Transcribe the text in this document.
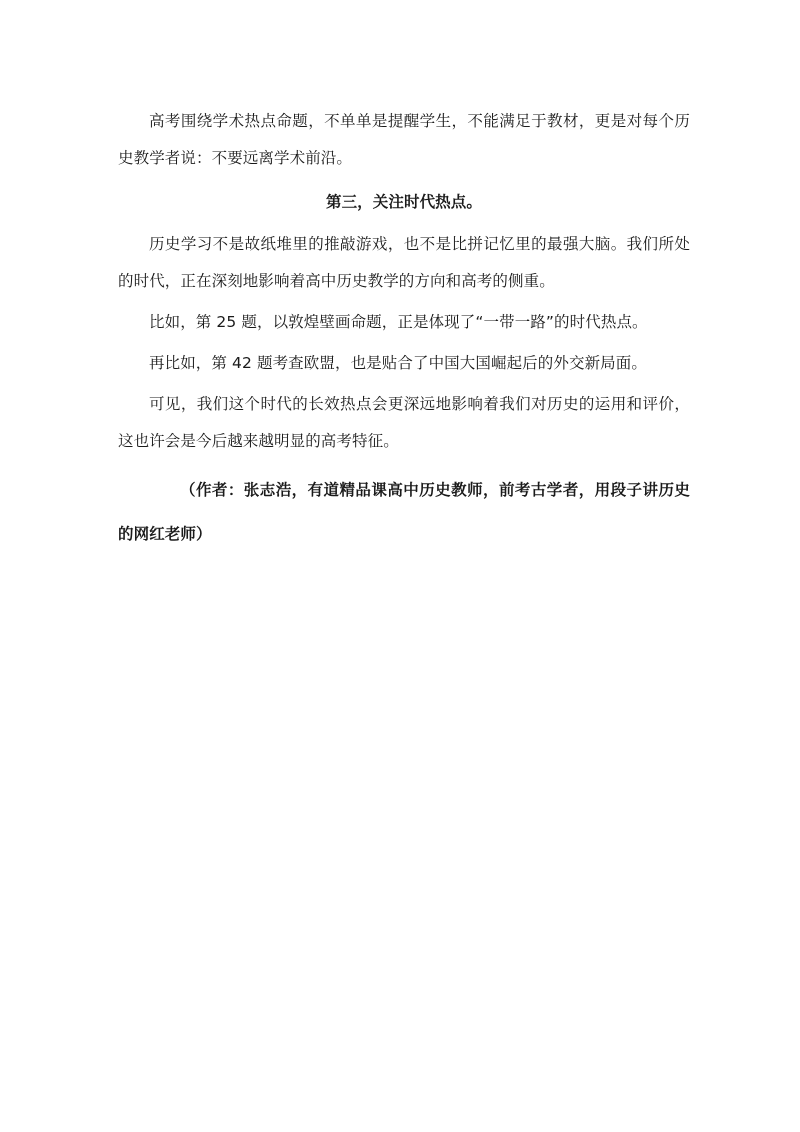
高考围绕学术热点命题，不单单是提醒学生，不能满足于教材，更是对每个历史教学者说：不要远离学术前沿。

第三，关注时代热点。

历史学习不是故纸堆里的推敲游戏，也不是比拼记忆里的最强大脑。我们所处的时代，正在深刻地影响着高中历史教学的方向和高考的侧重。

比如，第 25 题，以敦煌壁画命题，正是体现了“一带一路”的时代热点。

再比如，第 42 题考查欧盟，也是贴合了中国大国崛起后的外交新局面。

可见，我们这个时代的长效热点会更深远地影响着我们对历史的运用和评价，这也许会是今后越来越明显的高考特征。

（作者：张志浩，有道精品课高中历史教师，前考古学者，用段子讲历史的网红老师）
